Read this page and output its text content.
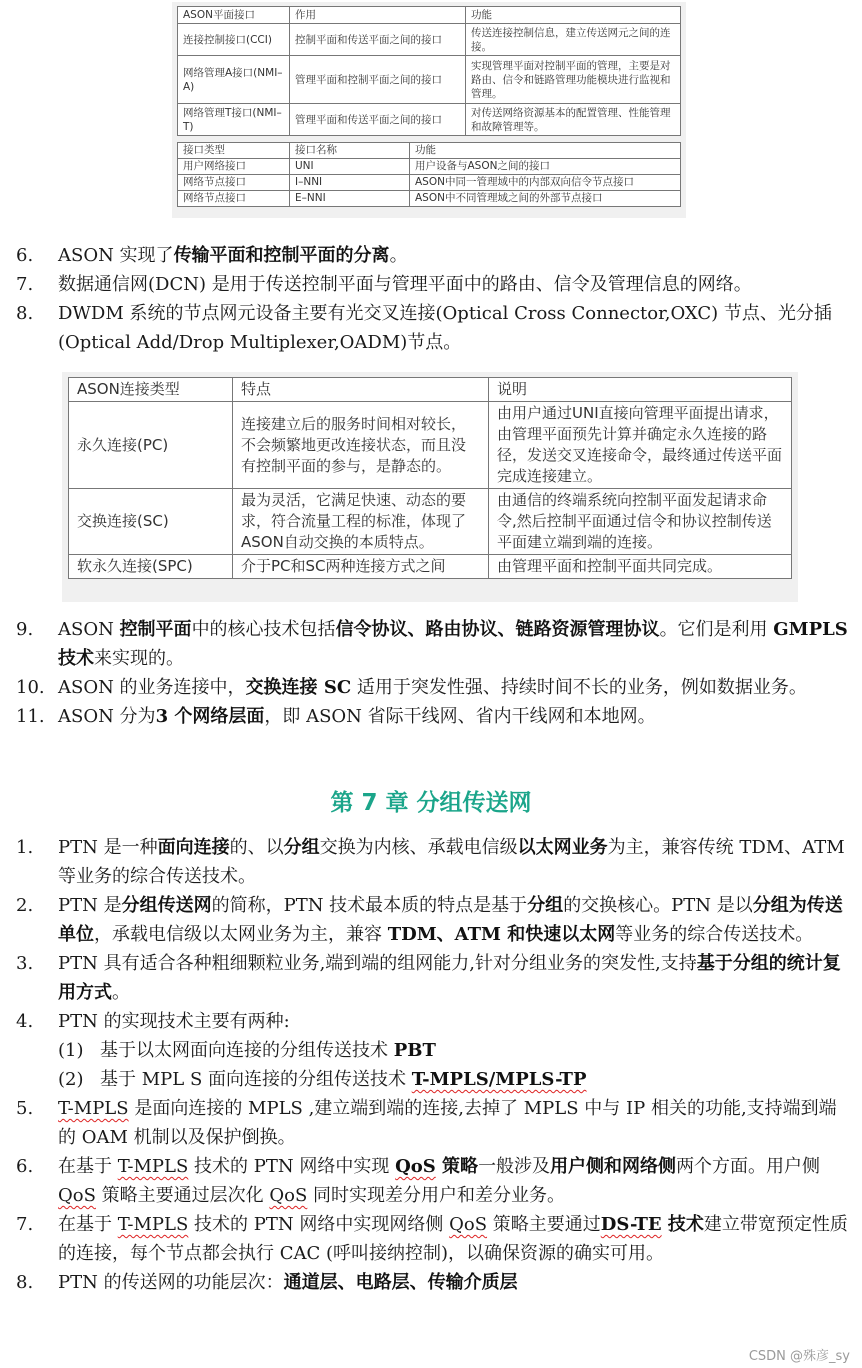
ASON平面接口	作用	功能
连接控制接口(CCI)	控制平面和传送平面之间的接口	传送连接控制信息，建立传送网元之间的连接。
网络管理A接口(NMI–A)	管理平面和控制平面之间的接口	实现管理平面对控制平面的管理，主要是对路由、信令和链路管理功能模块进行监视和管理。
网络管理T接口(NMI–T)	管理平面和传送平面之间的接口	对传送网络资源基本的配置管理、性能管理和故障管理等。
接口类型	接口名称	功能
用户网络接口	UNI	用户设备与ASON之间的接口
网络节点接口	I–NNI	ASON中同一管理域中的内部双向信令节点接口
网络节点接口	E–NNI	ASON中不同管理域之间的外部节点接口
6. ASON 实现了传输平面和控制平面的分离。
7. 数据通信网(DCN) 是用于传送控制平面与管理平面中的路由、信令及管理信息的网络。
8. DWDM 系统的节点网元设备主要有光交叉连接(Optical Cross Connector,OXC) 节点、光分插(Optical Add/Drop Multiplexer,OADM)节点。
ASON连接类型	特点	说明
永久连接(PC)	连接建立后的服务时间相对较长，不会频繁地更改连接状态，而且没有控制平面的参与，是静态的。	由用户通过UNI直接向管理平面提出请求，由管理平面预先计算并确定永久连接的路径，发送交叉连接命令，最终通过传送平面完成连接建立。
交换连接(SC)	最为灵活，它满足快速、动态的要求，符合流量工程的标准，体现了ASON自动交换的本质特点。	由通信的终端系统向控制平面发起请求命令,然后控制平面通过信令和协议控制传送平面建立端到端的连接。
软永久连接(SPC)	介于PC和SC两种连接方式之间	由管理平面和控制平面共同完成。
9. ASON 控制平面中的核心技术包括信令协议、路由协议、链路资源管理协议。它们是利用 GMPLS 技术来实现的。
10. ASON 的业务连接中，交换连接 SC 适用于突发性强、持续时间不长的业务，例如数据业务。
11. ASON 分为3 个网络层面，即 ASON 省际干线网、省内干线网和本地网。
第 7 章 分组传送网
1. PTN 是一种面向连接的、以分组交换为内核、承载电信级以太网业务为主，兼容传统 TDM、ATM 等业务的综合传送技术。
2. PTN 是分组传送网的简称，PTN 技术最本质的特点是基于分组的交换核心。PTN 是以分组为传送单位，承载电信级以太网业务为主，兼容 TDM、ATM 和快速以太网等业务的综合传送技术。
3. PTN 具有适合各种粗细颗粒业务,端到端的组网能力,针对分组业务的突发性,支持基于分组的统计复用方式。
4. PTN 的实现技术主要有两种:
(1) 基于以太网面向连接的分组传送技术 PBT
(2) 基于 MPL S 面向连接的分组传送技术 T-MPLS/MPLS-TP
5. T-MPLS 是面向连接的 MPLS ,建立端到端的连接,去掉了 MPLS 中与 IP 相关的功能,支持端到端的 OAM 机制以及保护倒换。
6. 在基于 T-MPLS 技术的 PTN 网络中实现 QoS 策略一般涉及用户侧和网络侧两个方面。用户侧 QoS 策略主要通过层次化 QoS 同时实现差分用户和差分业务。
7. 在基于 T-MPLS 技术的 PTN 网络中实现网络侧 QoS 策略主要通过DS-TE 技术建立带宽预定性质的连接，每个节点都会执行 CAC (呼叫接纳控制)，以确保资源的确实可用。
8. PTN 的传送网的功能层次：通道层、电路层、传输介质层
CSDN @殊彦_sy
